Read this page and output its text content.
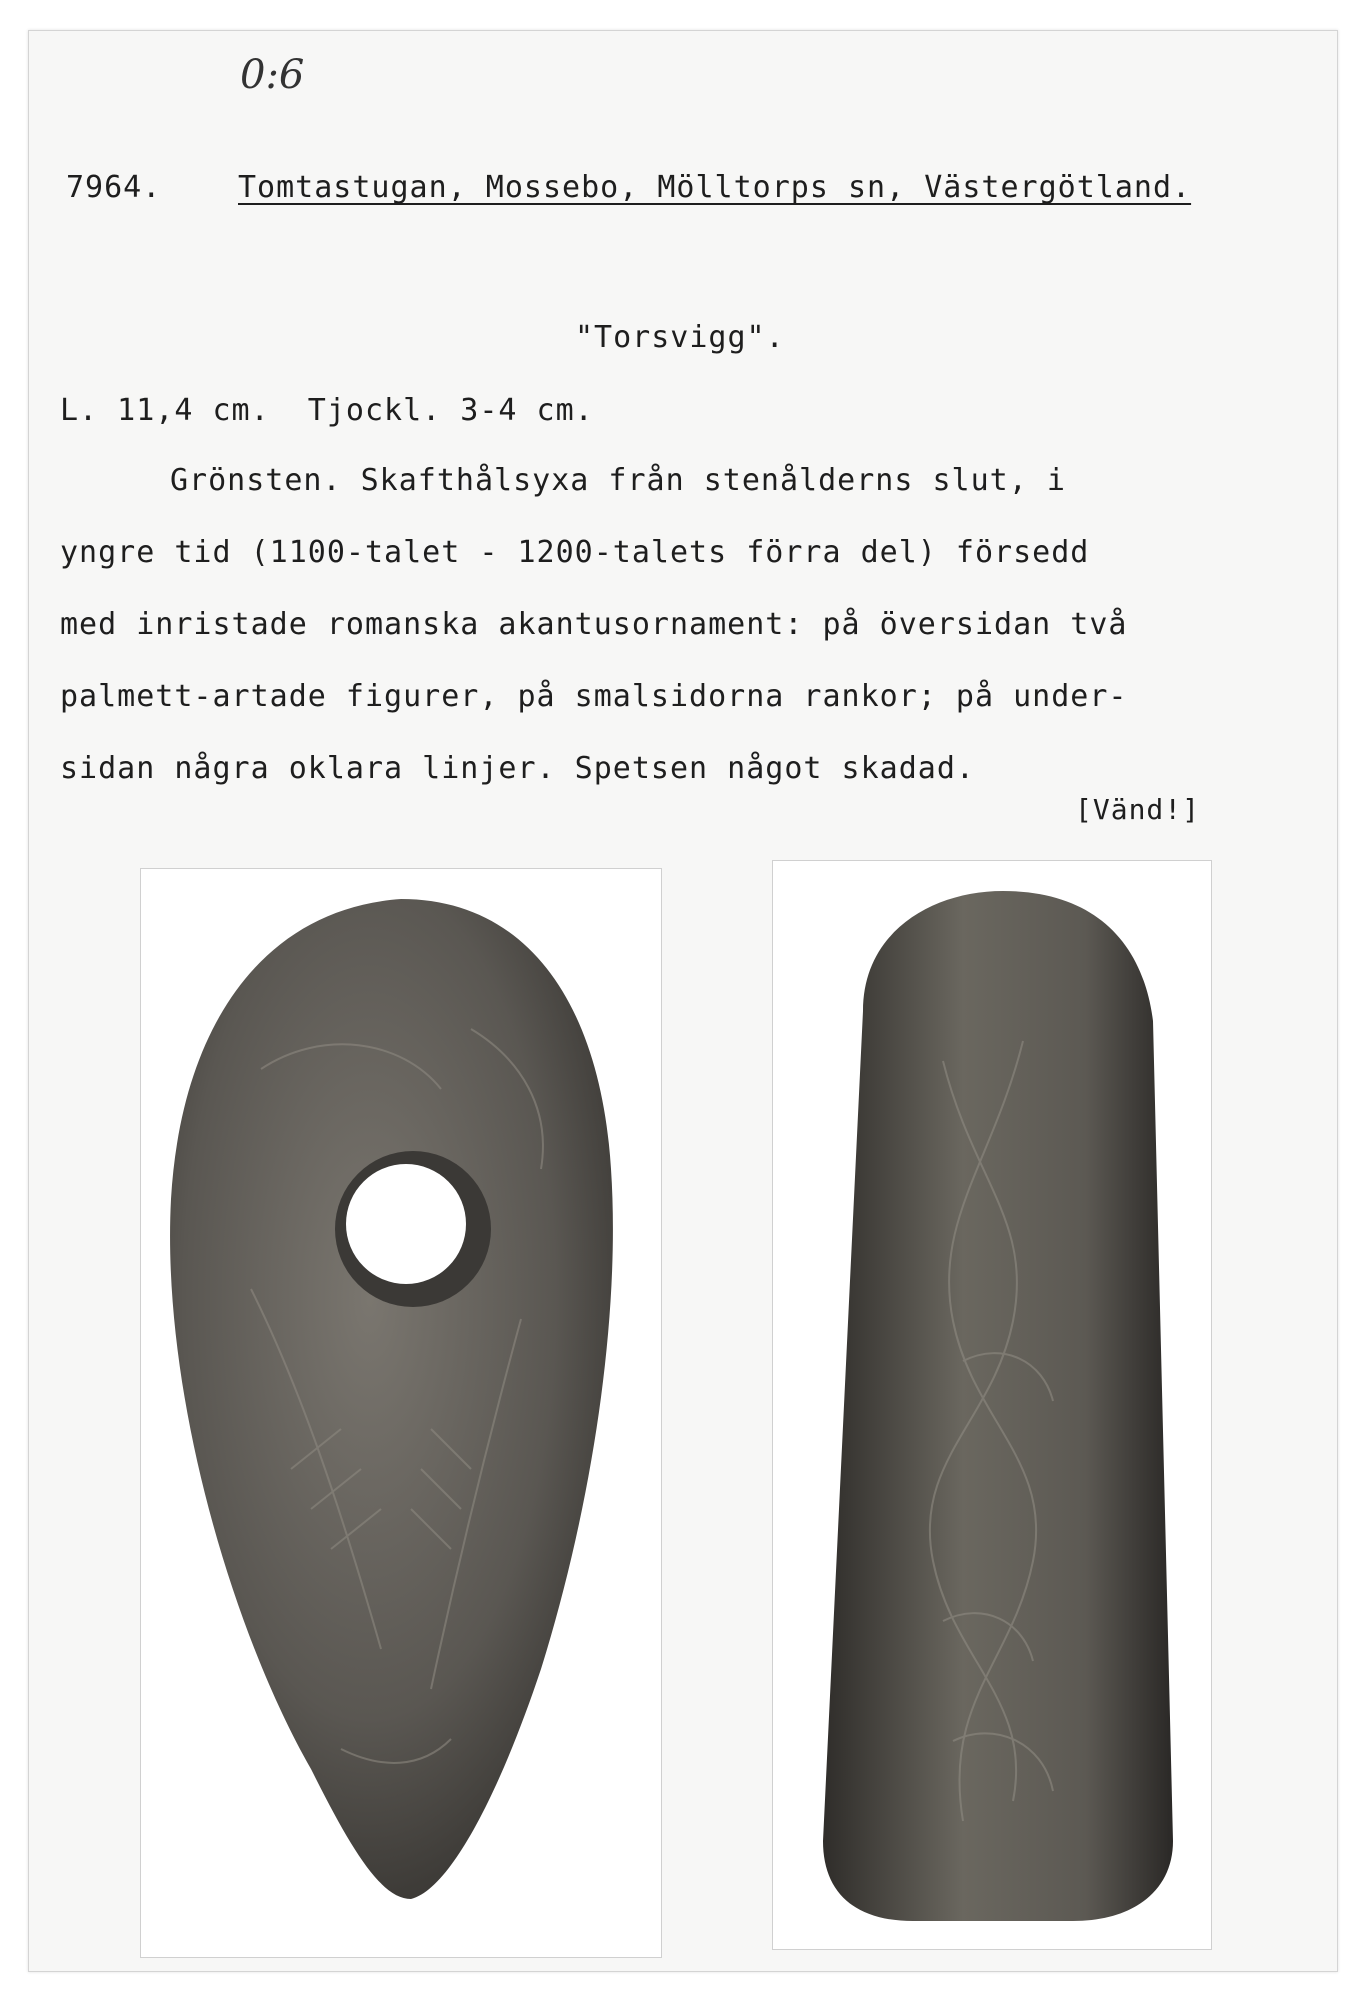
0:6
7964.	Tomtastugan, Mossebo, Mölltorps sn, Västergötland.
"Torsvigg".
L. 11,4 cm.  Tjockl. 3-4 cm.
Grönsten. Skafthålsyxa från stenålderns slut, i
yngre tid (1100-talet - 1200-talets förra del) försedd
med inristade romanska akantusornament: på översidan två
palmett-artade figurer, på smalsidorna rankor; på under-
sidan några oklara linjer. Spetsen något skadad.
[Vänd!]
